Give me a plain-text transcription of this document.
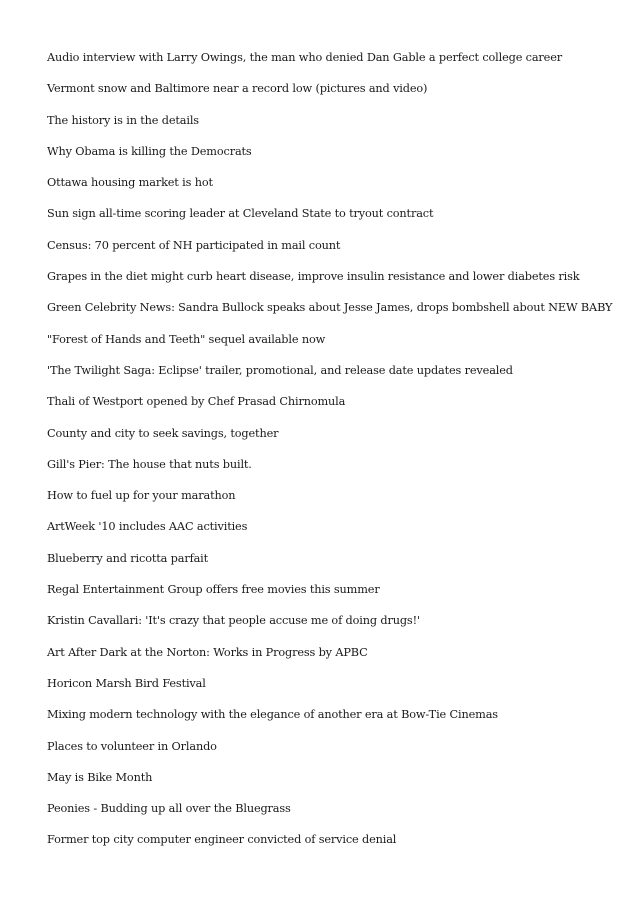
Audio interview with Larry Owings, the man who denied Dan Gable a perfect college career
Vermont snow and Baltimore near a record low (pictures and video)
The history is in the details
Why Obama is killing the Democrats
Ottawa housing market is hot
Sun sign all-time scoring leader at Cleveland State to tryout contract
Census: 70 percent of NH participated in mail count
Grapes in the diet might curb heart disease, improve insulin resistance and lower diabetes risk
Green Celebrity News: Sandra Bullock speaks about Jesse James, drops bombshell about NEW BABY
"Forest of Hands and Teeth" sequel available now
'The Twilight Saga: Eclipse' trailer, promotional, and release date updates revealed
Thali of Westport opened by Chef Prasad Chirnomula
County and city to seek savings, together
Gill's Pier: The house that nuts built.
How to fuel up for your marathon
ArtWeek '10 includes AAC activities
Blueberry and ricotta parfait
Regal Entertainment Group offers free movies this summer
Kristin Cavallari: 'It's crazy that people accuse me of doing drugs!'
Art After Dark at the Norton: Works in Progress by APBC
Horicon Marsh Bird Festival
Mixing modern technology with the elegance of another era at Bow-Tie Cinemas
Places to volunteer in Orlando
May is Bike Month
Peonies - Budding up all over the Bluegrass
Former top city computer engineer convicted of service denial
